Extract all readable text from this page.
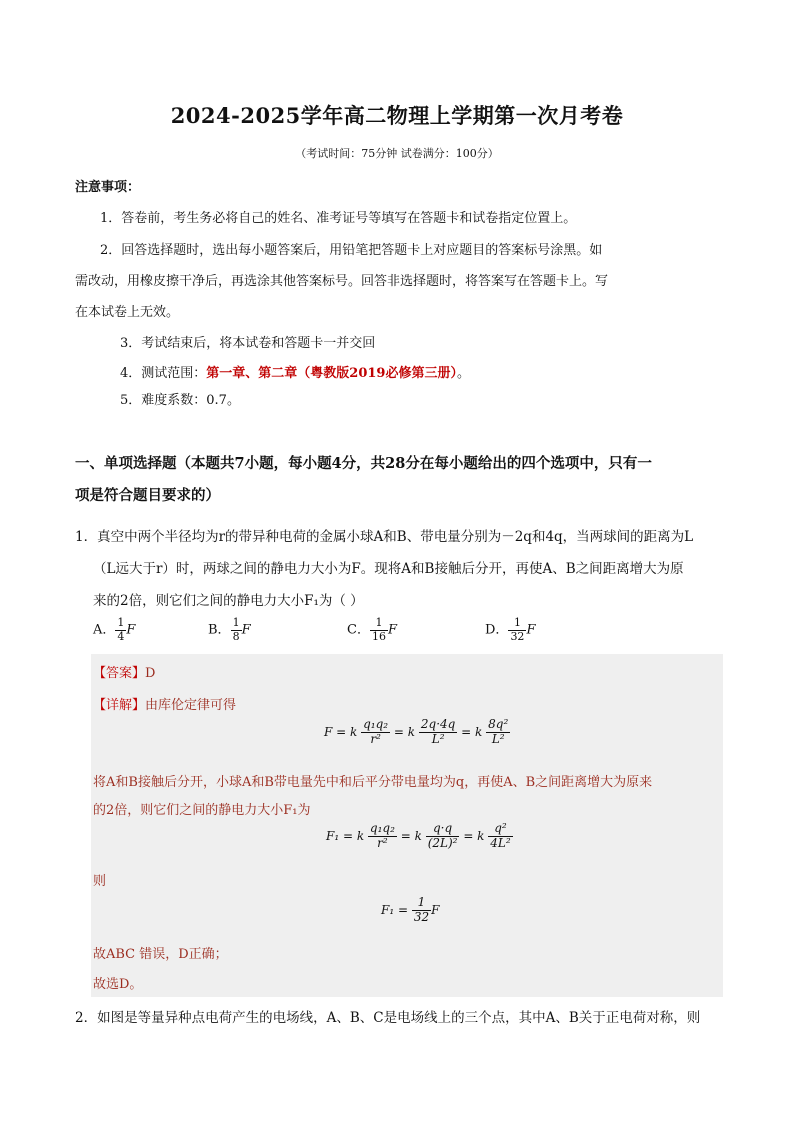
2024-2025学年高二物理上学期第一次月考卷
（考试时间：75分钟 试卷满分：100分）
注意事项：
1．答卷前，考生务必将自己的姓名、准考证号等填写在答题卡和试卷指定位置上。
2．回答选择题时，选出每小题答案后，用铅笔把答题卡上对应题目的答案标号涂黑。如
需改动，用橡皮擦干净后，再选涂其他答案标号。回答非选择题时，将答案写在答题卡上。写
在本试卷上无效。
3．考试结束后，将本试卷和答题卡一并交回
4．测试范围：第一章、第二章（粤教版2019必修第三册）。
5．难度系数：0.7。
一、单项选择题（本题共7小题，每小题4分，共28分在每小题给出的四个选项中，只有一
项是符合题目要求的）
1．真空中两个半径均为r的带异种电荷的金属小球A和B、带电量分别为－2q和4q，当两球间的距离为L
（L远大于r）时，两球之间的静电力大小为F。现将A和B接触后分开，再使A、B之间距离增大为原
来的2倍，则它们之间的静电力大小F₁为（ ）
A． $\frac{1}{4}$ F	B． $\frac{1}{8}$ F	C． $\frac{1}{16}$ F	D． $\frac{1}{32}$ F
【答案】D
【详解】由库伦定律可得
F = k $\frac{\text{q₁q₂}}{\text{r²}} = k \frac{2q\cdot 4q}{\text{L²}} = k \frac{\text{8q²}}{\text{L²}}$
将A和B接触后分开，小球A和B带电量先中和后平分带电量均为q，再使A、B之间距离增大为原来
的2倍，则它们之间的静电力大小F₁为
F₁ = k $\frac{\text{q₁q₂}}{\text{r²}} = k \frac{q\cdot q}{\text{(2L)²}} = k \frac{\text{q²}}{\text{4L²}}$
则
$F_1 = \frac{1}{32}$ F
故ABC 错误，D正确；
故选D。
2．如图是等量异种点电荷产生的电场线，A、B、C是电场线上的三个点，其中A、B关于正电荷对称，则
